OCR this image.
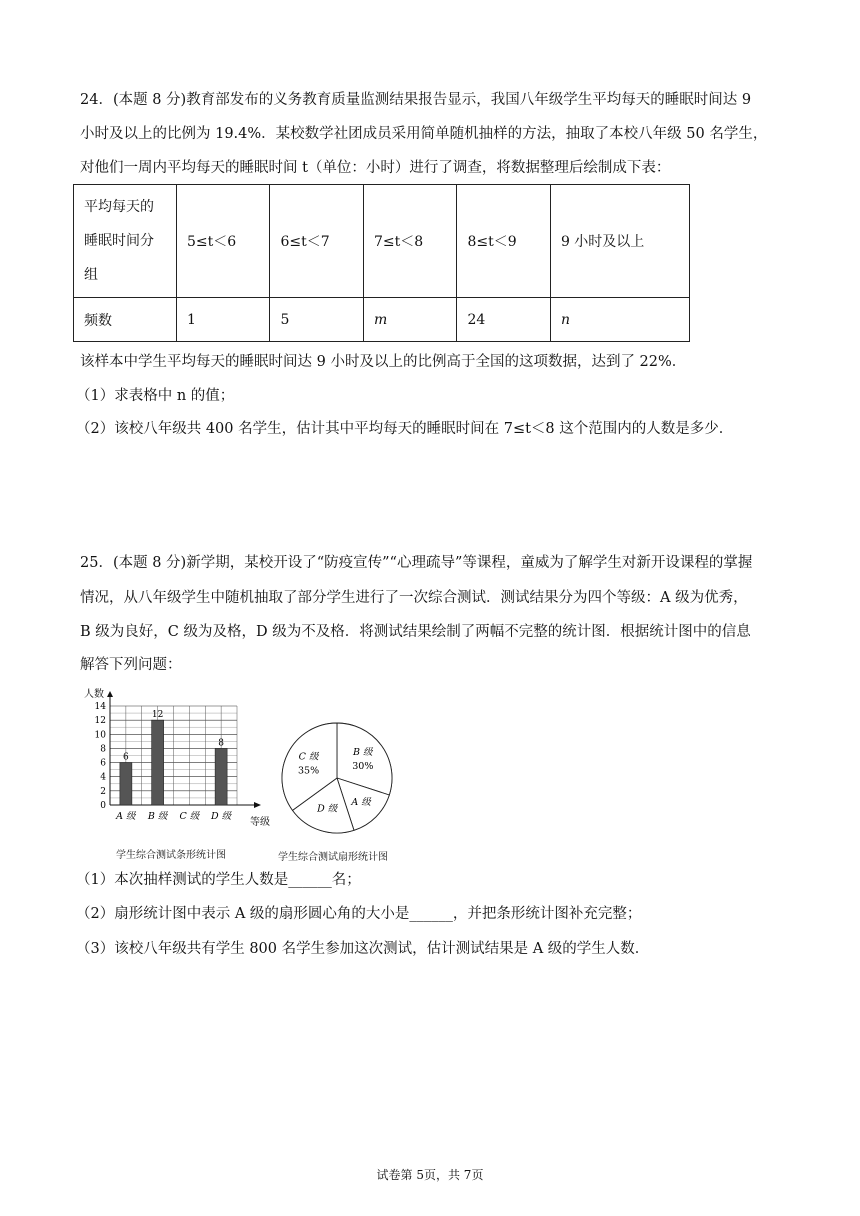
24．(本题 8 分)教育部发布的义务教育质量监测结果报告显示，我国八年级学生平均每天的睡眠时间达 9
小时及以上的比例为 19.4%．某校数学社团成员采用简单随机抽样的方法，抽取了本校八年级 50 名学生，
对他们一周内平均每天的睡眠时间 t（单位：小时）进行了调查，将数据整理后绘制成下表：
平均每天的
睡眠时间分
组	5≤t＜6	6≤t＜7	7≤t＜8	8≤t＜9	9 小时及以上
频数	1	5	m	24	n
该样本中学生平均每天的睡眠时间达 9 小时及以上的比例高于全国的这项数据，达到了 22%．
（1）求表格中 n 的值；
（2）该校八年级共 400 名学生，估计其中平均每天的睡眠时间在 7≤t＜8 这个范围内的人数是多少．
25．(本题 8 分)新学期，某校开设了“防疫宣传”“心理疏导”等课程，童威为了解学生对新开设课程的掌握
情况，从八年级学生中随机抽取了部分学生进行了一次综合测试．测试结果分为四个等级：A 级为优秀，
B 级为良好，C 级为及格，D 级为不及格．将测试结果绘制了两幅不完整的统计图．根据统计图中的信息
解答下列问题：
0
2
4
6
8
10
12
14
人数
等级
6
A 级
12
B 级 C 级
8
D 级
学生综合测试条形统计图
B 级
30%
A 级
D 级
C 级
35%
学生综合测试扇形统计图
（1）本次抽样测试的学生人数是______名；
（2）扇形统计图中表示 A 级的扇形圆心角的大小是______，并把条形统计图补充完整；
（3）该校八年级共有学生 800 名学生参加这次测试，估计测试结果是 A 级的学生人数．
试卷第 5页，共 7页
